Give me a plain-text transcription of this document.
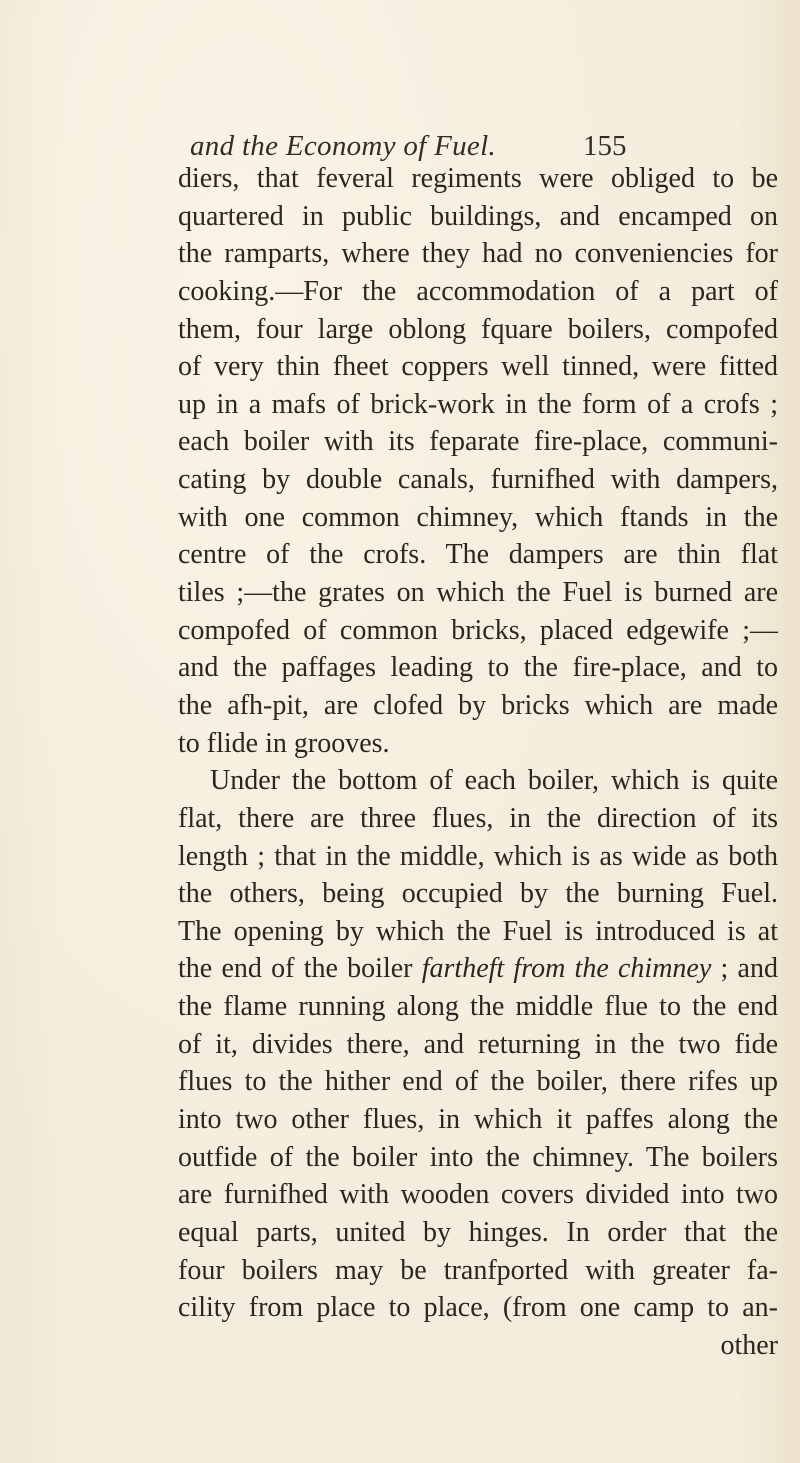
and the Economy of Fuel.	155
diers, that feveral regiments were obliged to be
quartered in public buildings, and encamped on
the ramparts, where they had no conveniencies for
cooking.—For the accommodation of a part of
them, four large oblong fquare boilers, compofed
of very thin fheet coppers well tinned, were fitted
up in a mafs of brick-work in the form of a crofs ;
each boiler with its feparate fire-place, communi-
cating by double canals, furnifhed with dampers,
with one common chimney, which ftands in the
centre of the crofs. The dampers are thin flat
tiles ;—the grates on which the Fuel is burned are
compofed of common bricks, placed edgewife ;—
and the paffages leading to the fire-place, and to
the afh-pit, are clofed by bricks which are made
to flide in grooves.
Under the bottom of each boiler, which is quite
flat, there are three flues, in the direction of its
length ; that in the middle, which is as wide as both
the others, being occupied by the burning Fuel.
The opening by which the Fuel is introduced is at
the end of the boiler fartheft from the chimney ; and
the flame running along the middle flue to the end
of it, divides there, and returning in the two fide
flues to the hither end of the boiler, there rifes up
into two other flues, in which it paffes along the
outfide of the boiler into the chimney. The boilers
are furnifhed with wooden covers divided into two
equal parts, united by hinges. In order that the
four boilers may be tranfported with greater fa-
cility from place to place, (from one camp to an-
other
